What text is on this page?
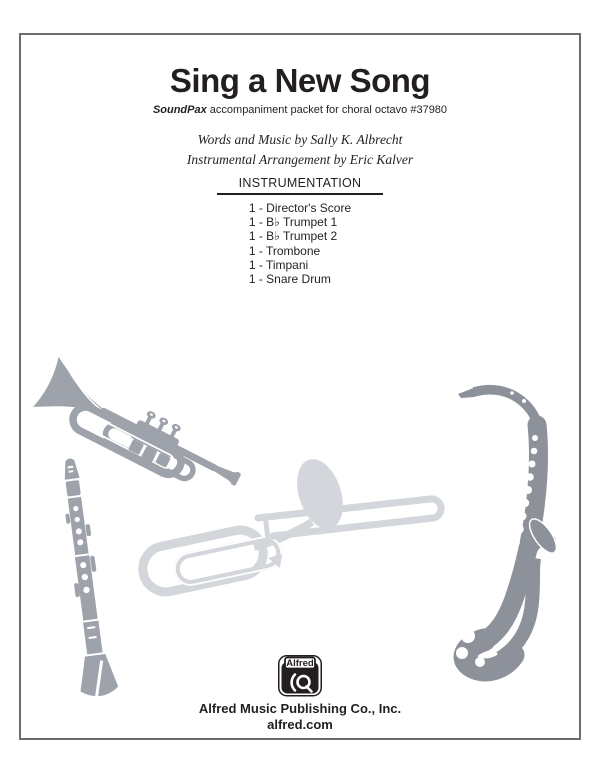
Sing a New Song
SoundPax accompaniment packet for choral octavo #37980
Words and Music by Sally K. Albrecht
Instrumental Arrangement by Eric Kalver
INSTRUMENTATION
1 - Director's Score
1 - B♭ Trumpet 1
1 - B♭ Trumpet 2
1 - Trombone
1 - Timpani
1 - Snare Drum
Alfred
Alfred Music Publishing Co., Inc.
alfred.com
